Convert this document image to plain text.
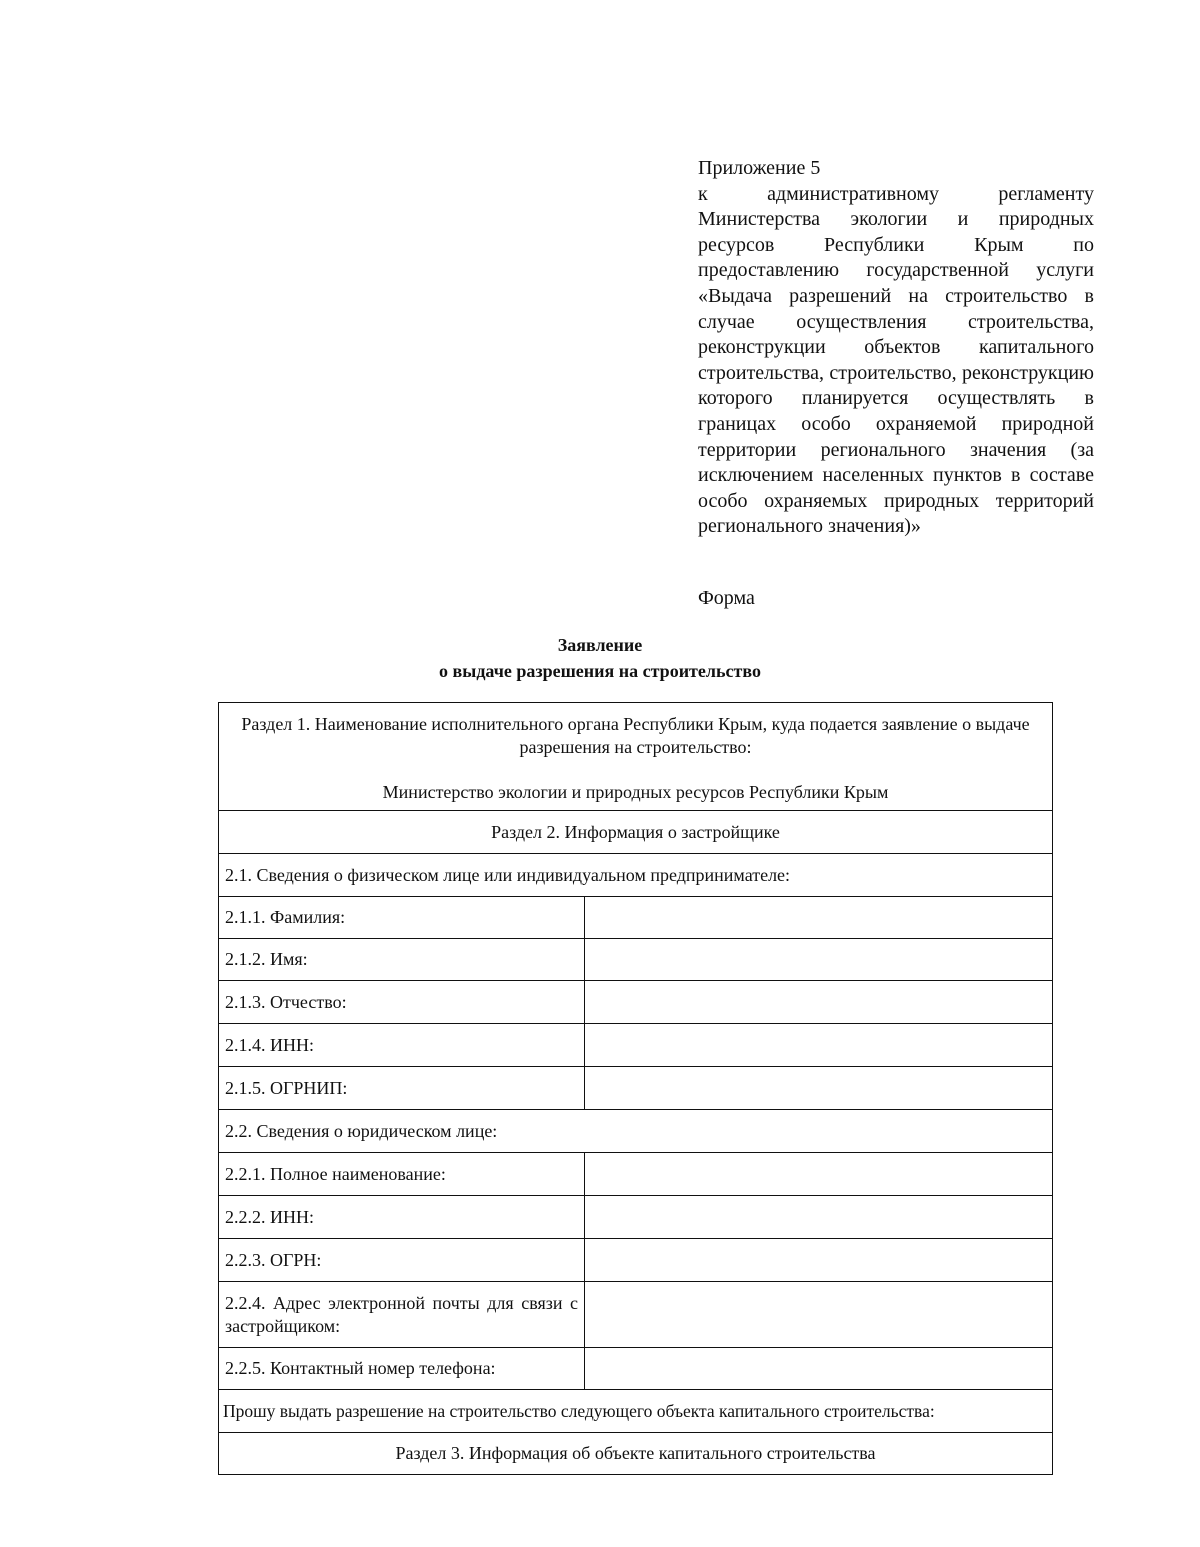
Приложение 5
к административному регламенту Министерства экологии и природных ресурсов Республики Крым по предоставлению государственной услуги «Выдача разрешений на строительство в случае осуществления строительства, реконструкции объектов капитального строительства, строительство, реконструкцию которого планируется осуществлять в границах особо охраняемой природной территории регионального значения (за исключением населенных пунктов в составе особо охраняемых природных территорий регионального значения)»
Форма
Заявление
о выдаче разрешения на строительство
Раздел 1. Наименование исполнительного органа Республики Крым, куда подается заявление о выдаче разрешения на строительство:
Министерство экологии и природных ресурсов Республики Крым	

Раздел 2. Информация о застройщике	
2.1. Сведения о физическом лице или индивидуальном предпринимателе:	
2.1.1. Фамилия:	
2.1.2. Имя:	
2.1.3. Отчество:	
2.1.4. ИНН:	
2.1.5. ОГРНИП:	
2.2. Сведения о юридическом лице:	
2.2.1. Полное наименование:	
2.2.2. ИНН:	
2.2.3. ОГРН:	
2.2.4. Адрес электронной почты для связи с застройщиком:	
2.2.5. Контактный номер телефона:	
Прошу выдать разрешение на строительство следующего объекта капитального строительства:	
Раздел 3. Информация об объекте капитального строительства	
